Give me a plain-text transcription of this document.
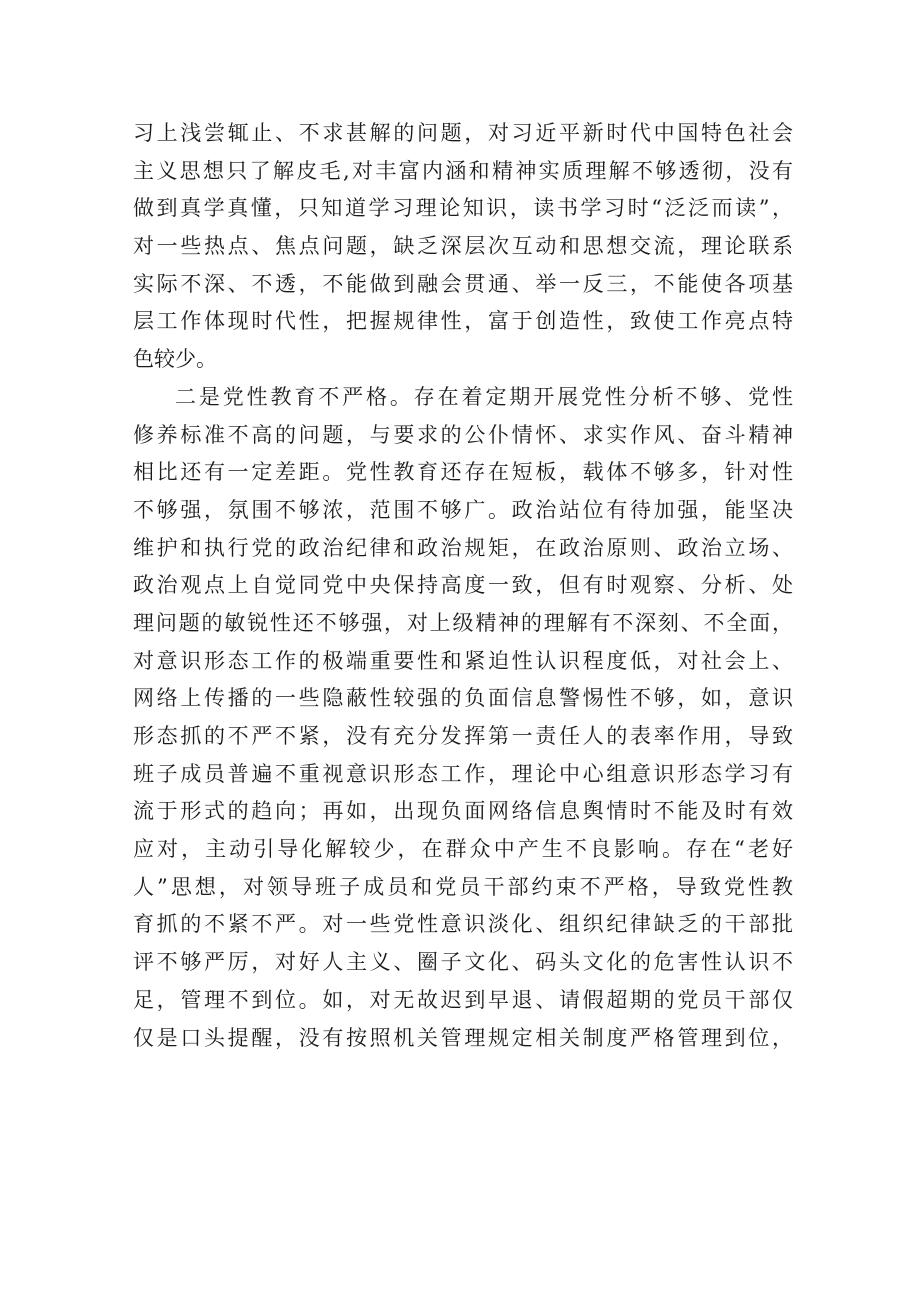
习上浅尝辄止、不求甚解的问题，对习近平新时代中国特色社会
主义思想只了解皮毛,对丰富内涵和精神实质理解不够透彻，没有
做到真学真懂，只知道学习理论知识，读书学习时“泛泛而读”，
对一些热点、焦点问题，缺乏深层次互动和思想交流，理论联系
实际不深、不透，不能做到融会贯通、举一反三，不能使各项基
层工作体现时代性，把握规律性，富于创造性，致使工作亮点特
色较少。
二是党性教育不严格。存在着定期开展党性分析不够、党性
修养标准不高的问题，与要求的公仆情怀、求实作风、奋斗精神
相比还有一定差距。党性教育还存在短板，载体不够多，针对性
不够强，氛围不够浓，范围不够广。政治站位有待加强，能坚决
维护和执行党的政治纪律和政治规矩，在政治原则、政治立场、
政治观点上自觉同党中央保持高度一致，但有时观察、分析、处
理问题的敏锐性还不够强，对上级精神的理解有不深刻、不全面，
对意识形态工作的极端重要性和紧迫性认识程度低，对社会上、
网络上传播的一些隐蔽性较强的负面信息警惕性不够，如，意识
形态抓的不严不紧，没有充分发挥第一责任人的表率作用，导致
班子成员普遍不重视意识形态工作，理论中心组意识形态学习有
流于形式的趋向；再如，出现负面网络信息舆情时不能及时有效
应对，主动引导化解较少，在群众中产生不良影响。存在“老好
人”思想，对领导班子成员和党员干部约束不严格，导致党性教
育抓的不紧不严。对一些党性意识淡化、组织纪律缺乏的干部批
评不够严厉，对好人主义、圈子文化、码头文化的危害性认识不
足，管理不到位。如，对无故迟到早退、请假超期的党员干部仅
仅是口头提醒，没有按照机关管理规定相关制度严格管理到位，
